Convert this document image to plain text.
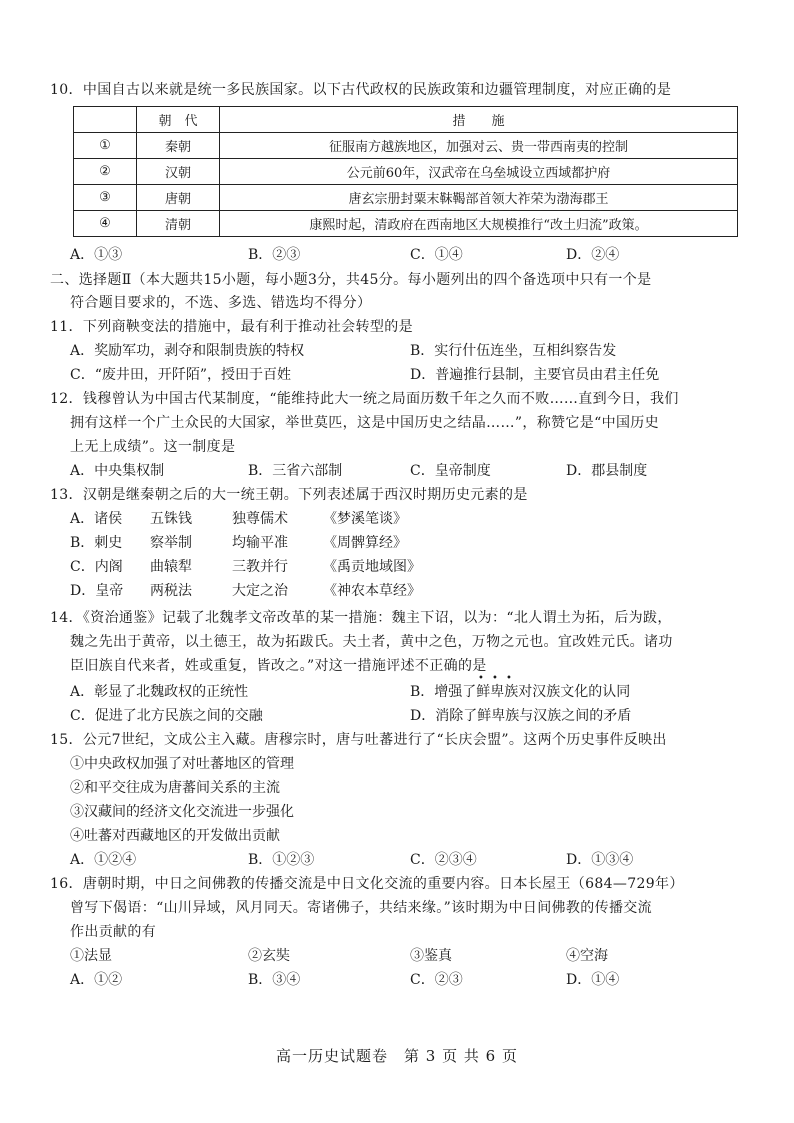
10．中国自古以来就是统一多民族国家。以下古代政权的民族政策和边疆管理制度，对应正确的是
	朝　代	措　　施
①	秦朝	征服南方越族地区，加强对云、贵一带西南夷的控制
②	汉朝	公元前60年，汉武帝在乌垒城设立西域都护府
③	唐朝	唐玄宗册封粟末靺鞨部首领大祚荣为渤海郡王
④	清朝	康熙时起，清政府在西南地区大规模推行“改土归流”政策。
A．①③	B．②③	C．①④	D．②④
二、选择题Ⅱ（本大题共15小题，每小题3分，共45分。每小题列出的四个备选项中只有一个是
符合题目要求的，不选、多选、错选均不得分）
11．下列商鞅变法的措施中，最有利于推动社会转型的是
A．奖励军功，剥夺和限制贵族的特权	B．实行什伍连坐，互相纠察告发
C．“废井田，开阡陌”，授田于百姓	D．普遍推行县制，主要官员由君主任免
12．钱穆曾认为中国古代某制度，“能维持此大一统之局面历数千年之久而不败……直到今日，我们
拥有这样一个广土众民的大国家，举世莫匹，这是中国历史之结晶……”，称赞它是“中国历史
上无上成绩”。这一制度是
A．中央集权制	B．三省六部制	C．皇帝制度	D．郡县制度
13．汉朝是继秦朝之后的大一统王朝。下列表述属于西汉时期历史元素的是
A．诸侯 五铢钱	独尊儒术	《梦溪笔谈》
B．刺史 察举制	均输平准	《周髀算经》
C．内阁 曲辕犁	三教并行	《禹贡地域图》
D．皇帝 两税法	大定之治	《神农本草经》
14．《资治通鉴》记载了北魏孝文帝改革的某一措施：魏主下诏，以为：“北人谓土为拓，后为跋，
魏之先出于黄帝，以土德王，故为拓跋氏。夫土者，黄中之色，万物之元也。宜改姓元氏。诸功
臣旧族自代来者，姓或重复，皆改之。”对这一措施评述不正确的是
• • •
A．彰显了北魏政权的正统性	B．增强了鲜卑族对汉族文化的认同
C．促进了北方民族之间的交融	D．消除了鲜卑族与汉族之间的矛盾
15．公元7世纪，文成公主入藏。唐穆宗时，唐与吐蕃进行了“长庆会盟”。这两个历史事件反映出
①中央政权加强了对吐蕃地区的管理
②和平交往成为唐蕃间关系的主流
③汉藏间的经济文化交流进一步强化
④吐蕃对西藏地区的开发做出贡献
A．①②④	B．①②③	C．②③④	D．①③④
16．唐朝时期，中日之间佛教的传播交流是中日文化交流的重要内容。日本长屋王（684—729年）
曾写下偈语：“山川异域，风月同天。寄诸佛子，共结来缘。”该时期为中日间佛教的传播交流
作出贡献的有
①法显	②玄奘	③鉴真	④空海
A．①②	B．③④	C．②③	D．①④
高一历史试题卷　第 3 页 共 6 页
